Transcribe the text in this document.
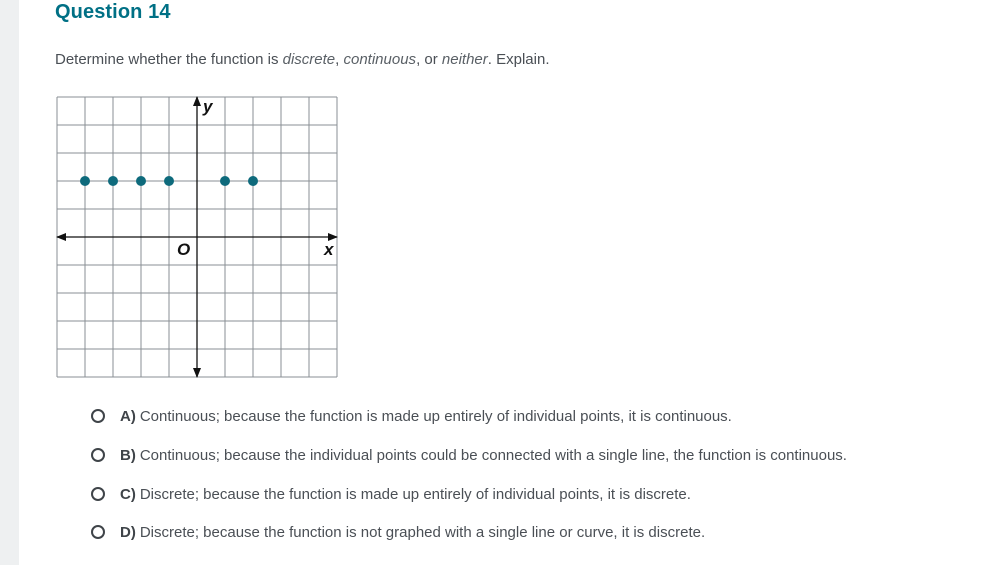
Question 14
Determine whether the function is discrete, continuous, or neither. Explain.
x
y
O
A) Continuous; because the function is made up entirely of individual points, it is continuous.
B) Continuous; because the individual points could be connected with a single line, the function is continuous.
C) Discrete; because the function is made up entirely of individual points, it is discrete.
D) Discrete; because the function is not graphed with a single line or curve, it is discrete.
